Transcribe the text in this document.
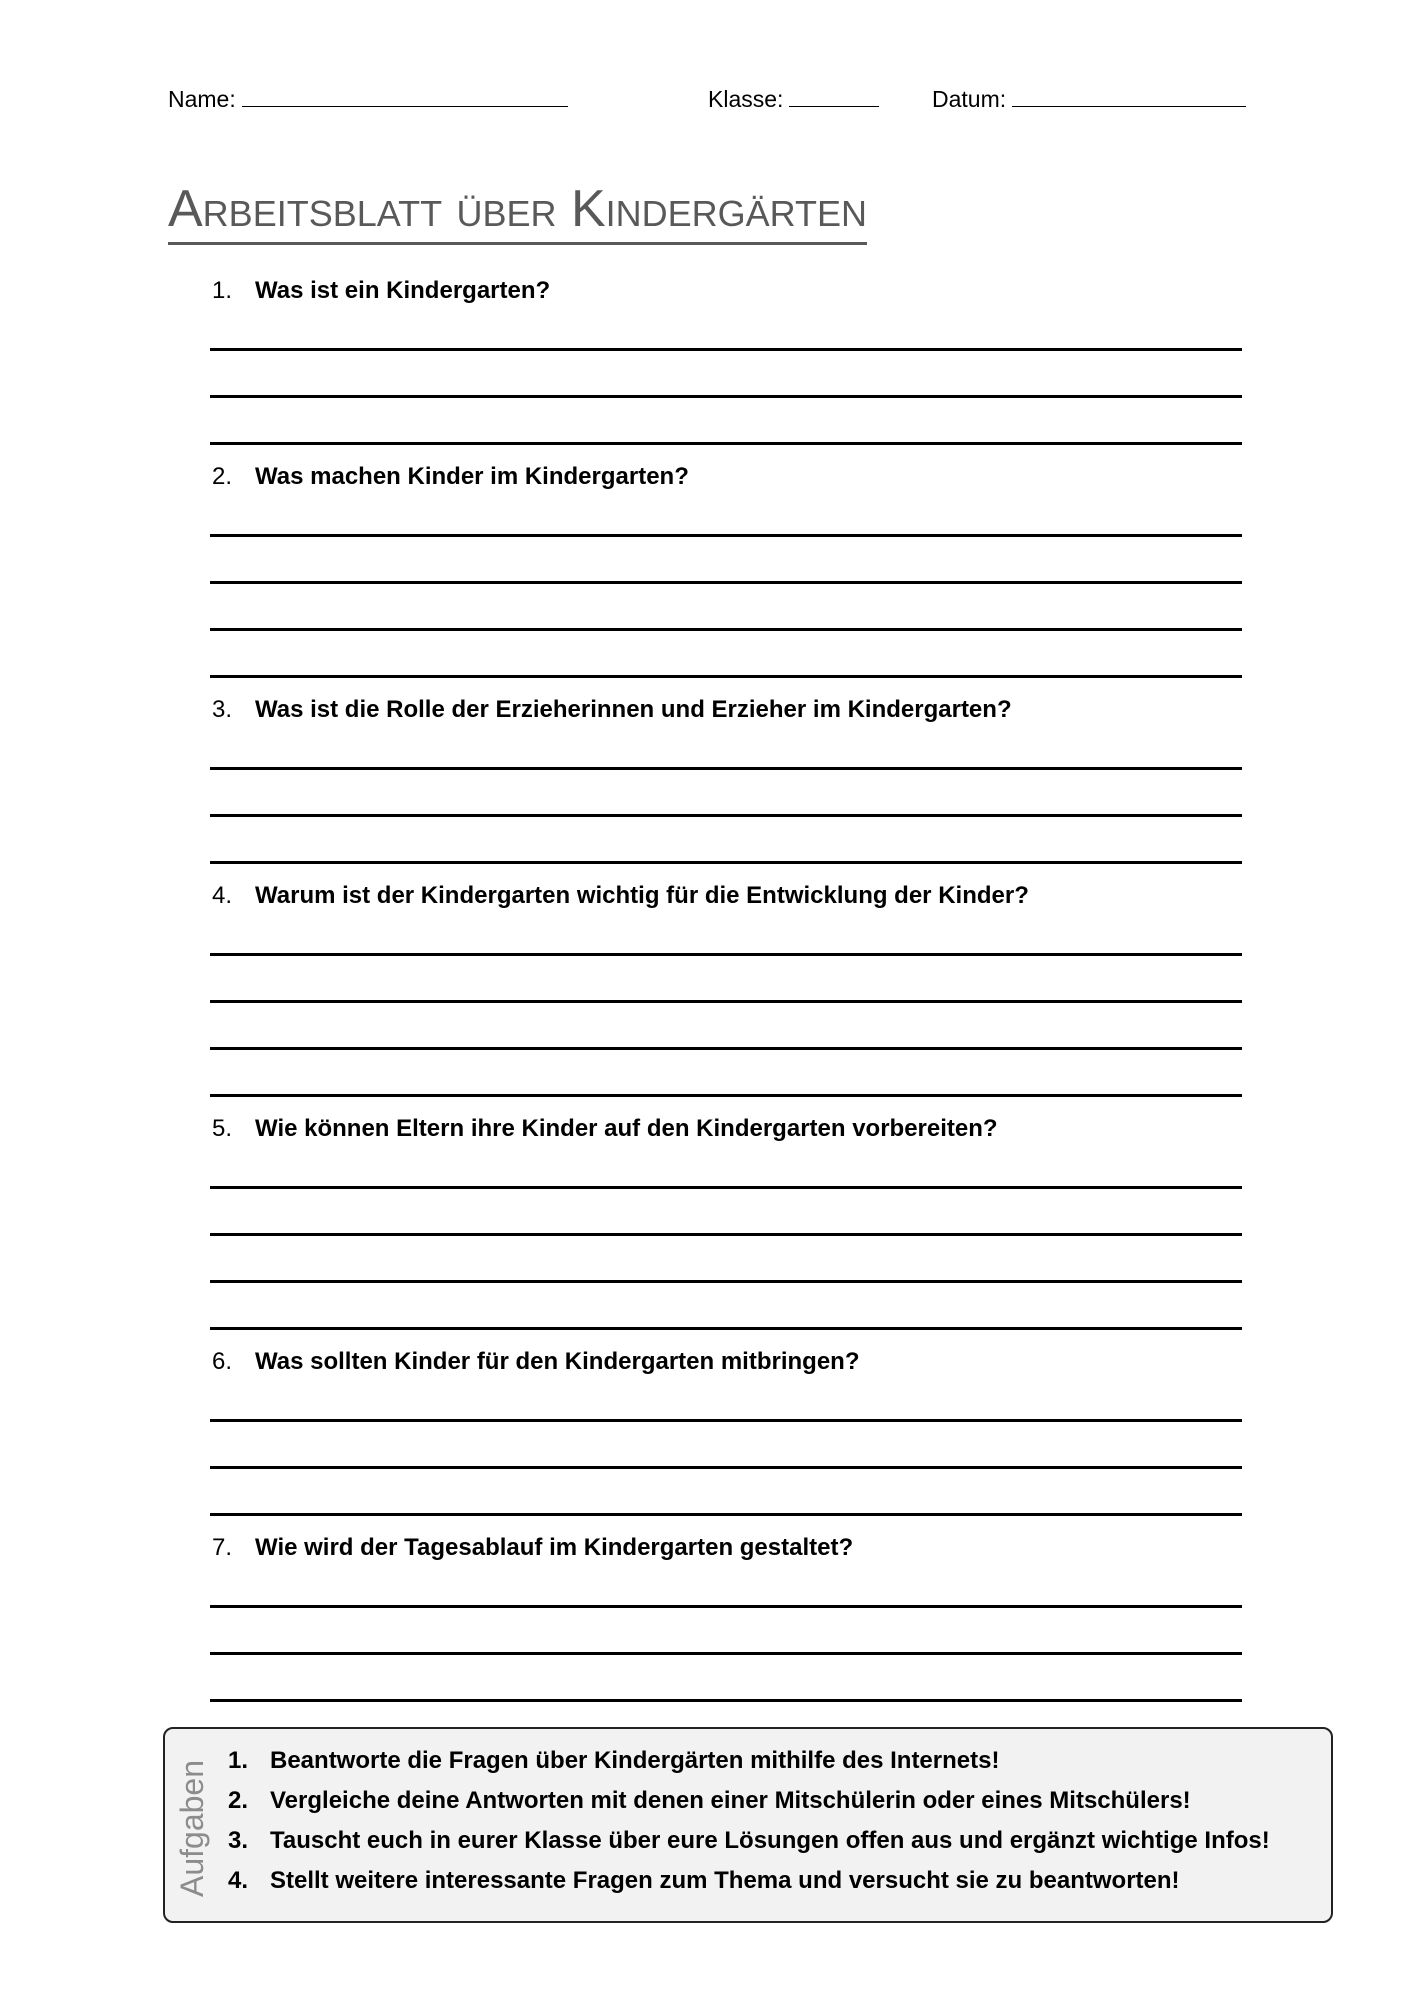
Name:	Klasse:	Datum:
Arbeitsblatt über Kindergärten
1. Was ist ein Kindergarten?
2. Was machen Kinder im Kindergarten?
3. Was ist die Rolle der Erzieherinnen und Erzieher im Kindergarten?
4. Warum ist der Kindergarten wichtig für die Entwicklung der Kinder?
5. Wie können Eltern ihre Kinder auf den Kindergarten vorbereiten?
6. Was sollten Kinder für den Kindergarten mitbringen?
7. Wie wird der Tagesablauf im Kindergarten gestaltet?
Aufgaben 1. Beantworte die Fragen über Kindergärten mithilfe des Internets!
2. Vergleiche deine Antworten mit denen einer Mitschülerin oder eines Mitschülers!
3. Tauscht euch in eurer Klasse über eure Lösungen offen aus und ergänzt wichtige Infos!
4. Stellt weitere interessante Fragen zum Thema und versucht sie zu beantworten!
